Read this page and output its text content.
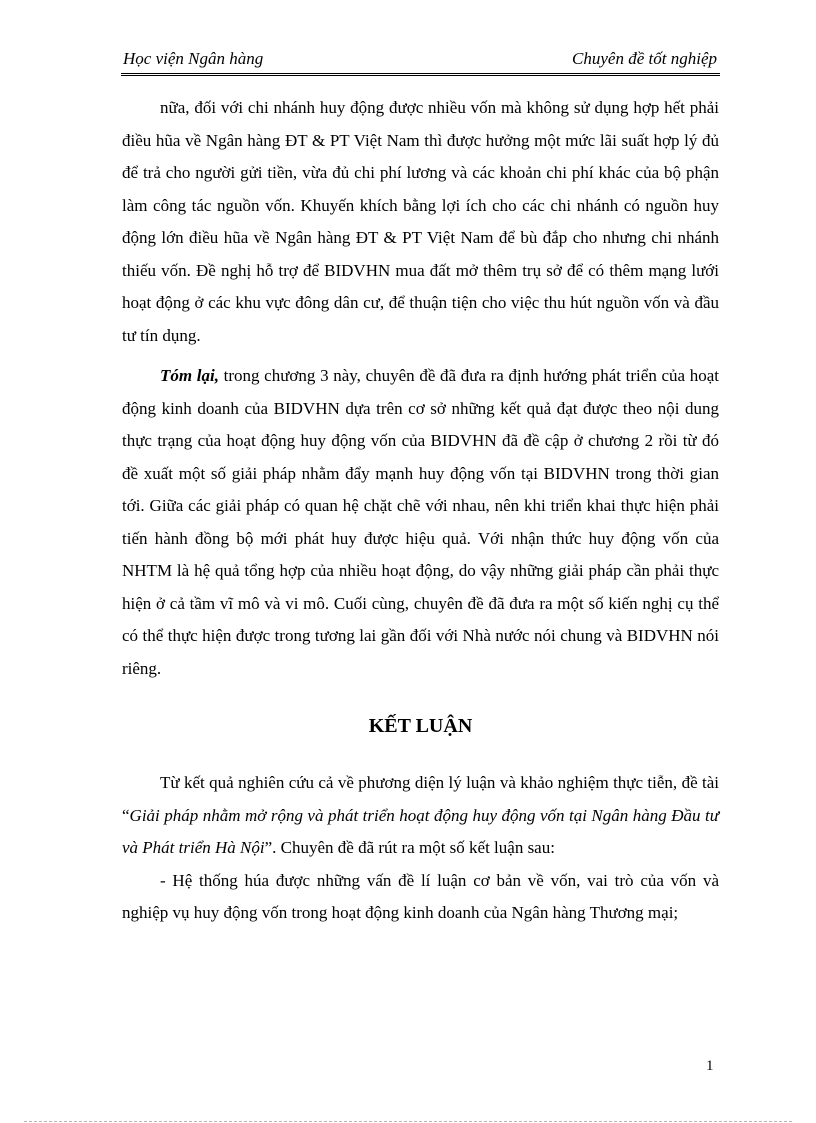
Học viện Ngân hàng	Chuyên đề tốt nghiệp

nữa, đối với chi nhánh huy động được nhiều vốn mà không sử dụng hợp hết phải điều hũa về Ngân hàng ĐT & PT Việt Nam thì được hưởng một mức lãi suất hợp lý đủ để trả cho người gửi tiền, vừa đủ chi phí lương và các khoản chi phí khác của bộ phận làm công tác nguồn vốn. Khuyến khích bằng lợi ích cho các chi nhánh có nguồn huy động lớn điều hũa về Ngân hàng ĐT & PT Việt Nam để bù đắp cho nhưng chi nhánh thiếu vốn. Đề nghị hỗ trợ để BIDVHN mua đất mở thêm trụ sở để có thêm mạng lưới hoạt động ở các khu vực đông dân cư, để thuận tiện cho việc thu hút nguồn vốn và đầu tư tín dụng.

Tóm lại, trong chương 3 này, chuyên đề đã đưa ra định hướng phát triển của hoạt động kinh doanh của BIDVHN dựa trên cơ sở những kết quả đạt được theo nội dung thực trạng của hoạt động huy động vốn của BIDVHN đã đề cập ở chương 2 rồi từ đó đề xuất một số giải pháp nhằm đẩy mạnh huy động vốn tại BIDVHN trong thời gian tới. Giữa các giải pháp có quan hệ chặt chẽ với nhau, nên khi triển khai thực hiện phải tiến hành đồng bộ mới phát huy được hiệu quả. Với nhận thức huy động vốn của NHTM là hệ quả tổng hợp của nhiều hoạt động, do vậy những giải pháp cần phải thực hiện ở cả tầm vĩ mô và vi mô. Cuối cùng, chuyên đề đã đưa ra một số kiến nghị cụ thể có thể thực hiện được trong tương lai gần đối với Nhà nước nói chung và BIDVHN nói riêng.

KẾT LUẬN

Từ kết quả nghiên cứu cả về phương diện lý luận và khảo nghiệm thực tiễn, đề tài “Giải pháp nhằm mở rộng và phát triển hoạt động huy động vốn tại Ngân hàng Đầu tư và Phát triển Hà Nội”. Chuyên đề đã rút ra một số kết luận sau:

- Hệ thống húa được những vấn đề lí luận cơ bản về vốn, vai trò của vốn và nghiệp vụ huy động vốn trong hoạt động kinh doanh của Ngân hàng Thương mại;

1
